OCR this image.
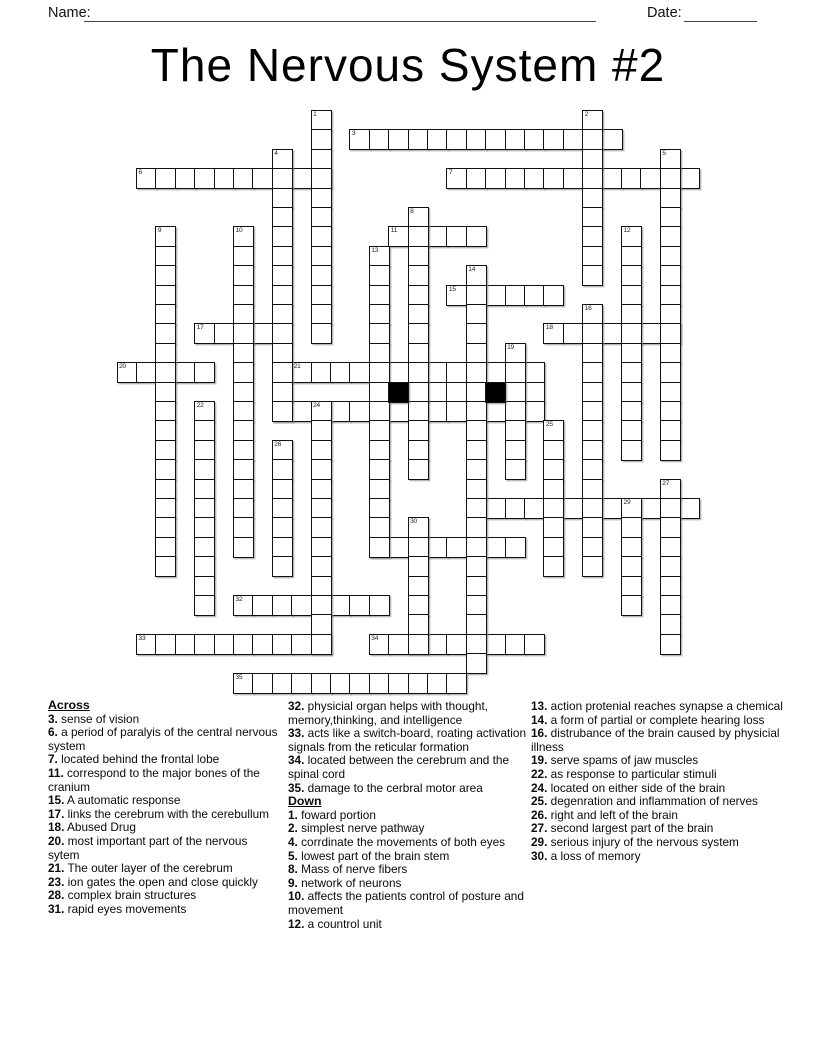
Name:	Date:
The Nervous System #2
3
6	7
11
15
17	18
20	21
32
33	34
35
1	2
4	5
8
9	10	12
13
14
16
19
22	24
25
26
27
29
30
Across
3. sense of vision
6. a period of paralyis of the central nervous system
7. located behind the frontal lobe
11. correspond to the major bones of the cranium
15. A automatic response
17. links the cerebrum with the cerebullum
18. Abused Drug
20. most important part of the nervous sytem
21. The outer layer of the cerebrum
23. ion gates the open and close quickly
28. complex brain structures
31. rapid eyes movements
32. physicial organ helps with thought, memory,thinking, and intelligence
33. acts like a switch-board, roating activation signals from the reticular formation
34. located between the cerebrum and the spinal cord
35. damage to the cerbral motor area
Down
1. foward portion
2. simplest nerve pathway
4. corrdinate the movements of both eyes
5. lowest part of the brain stem
8. Mass of nerve fibers
9. network of neurons
10. affects the patients control of posture and movement
12. a countrol unit
13. action protenial reaches synapse a chemical
14. a form of partial or complete hearing loss
16. distrubance of the brain caused by physicial illness
19. serve spams of jaw muscles
22. as response to particular stimuli
24. located on either side of the brain
25. degenration and inflammation of nerves
26. right and left of the brain
27. second largest part of the brain
29. serious injury of the nervous system
30. a loss of memory
